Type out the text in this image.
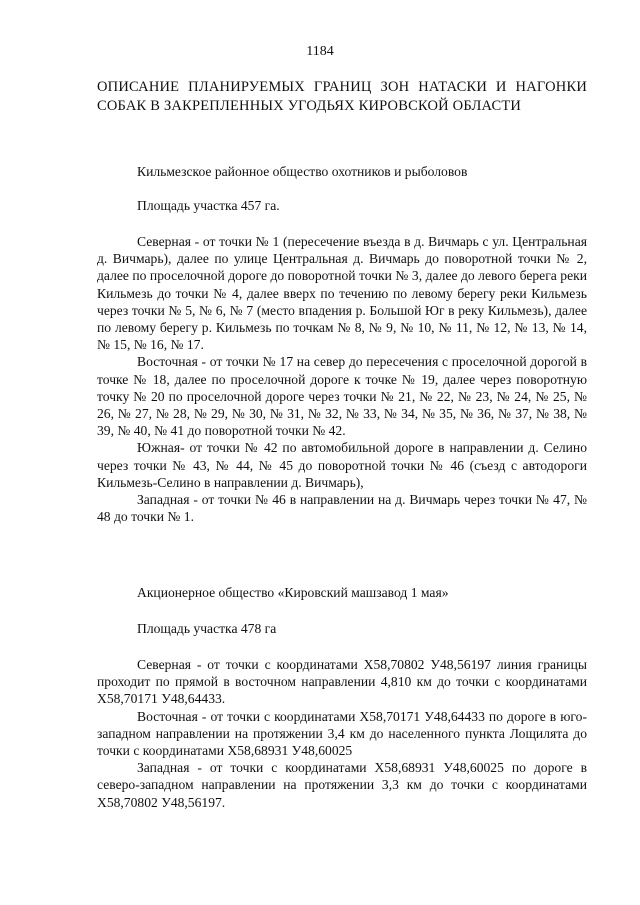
1184
ОПИСАНИЕ ПЛАНИРУЕМЫХ ГРАНИЦ ЗОН НАТАСКИ И НАГОНКИ СОБАК В ЗАКРЕПЛЕННЫХ УГОДЬЯХ КИРОВСКОЙ ОБЛАСТИ

Кильмезское районное общество охотников и рыболовов

Площадь участка 457 га.

Северная - от точки № 1 (пересечение въезда в д. Вичмарь с ул. Центральная д. Вичмарь), далее по улице Центральная д. Вичмарь до поворотной точки № 2, далее по проселочной дороге до поворотной точки № 3, далее до левого берега реки Кильмезь до точки № 4, далее вверх по течению по левому берегу реки Кильмезь через точки № 5, № 6, № 7 (место впадения р. Большой Юг в реку Кильмезь), далее по левому берегу р. Кильмезь по точкам № 8, № 9, № 10, № 11, № 12, № 13, № 14, № 15, № 16, № 17.

Восточная - от точки № 17 на север до пересечения с проселочной дорогой в точке № 18, далее по проселочной дороге к точке № 19, далее через поворотную точку № 20 по проселочной дороге через точки № 21, № 22, № 23, № 24, № 25, № 26, № 27, № 28, № 29, № 30, № 31, № 32, № 33, № 34, № 35, № 36, № 37, № 38, № 39, № 40, № 41 до поворотной точки № 42.

Южная- от точки № 42 по автомобильной дороге в направлении д. Селино через точки № 43, № 44, № 45 до поворотной точки № 46 (съезд с автодороги Кильмезь-Селино в направлении д. Вичмарь),

Западная - от точки № 46 в направлении на д. Вичмарь через точки № 47, № 48 до точки № 1.

Акционерное общество «Кировский машзавод 1 мая»

Площадь участка 478 га

Северная - от точки с координатами X58,70802 У48,56197 линия границы проходит по прямой в восточном направлении 4,810 км до точки с координатами X58,70171 У48,64433.

Восточная - от точки с координатами X58,70171 У48,64433 по дороге в юго-западном направлении на протяжении 3,4 км до населенного пункта Лощилята до точки с координатами X58,68931 У48,60025

Западная - от точки с координатами X58,68931 У48,60025 по дороге в северо-западном направлении на протяжении 3,3 км до точки с координатами X58,70802 У48,56197.
